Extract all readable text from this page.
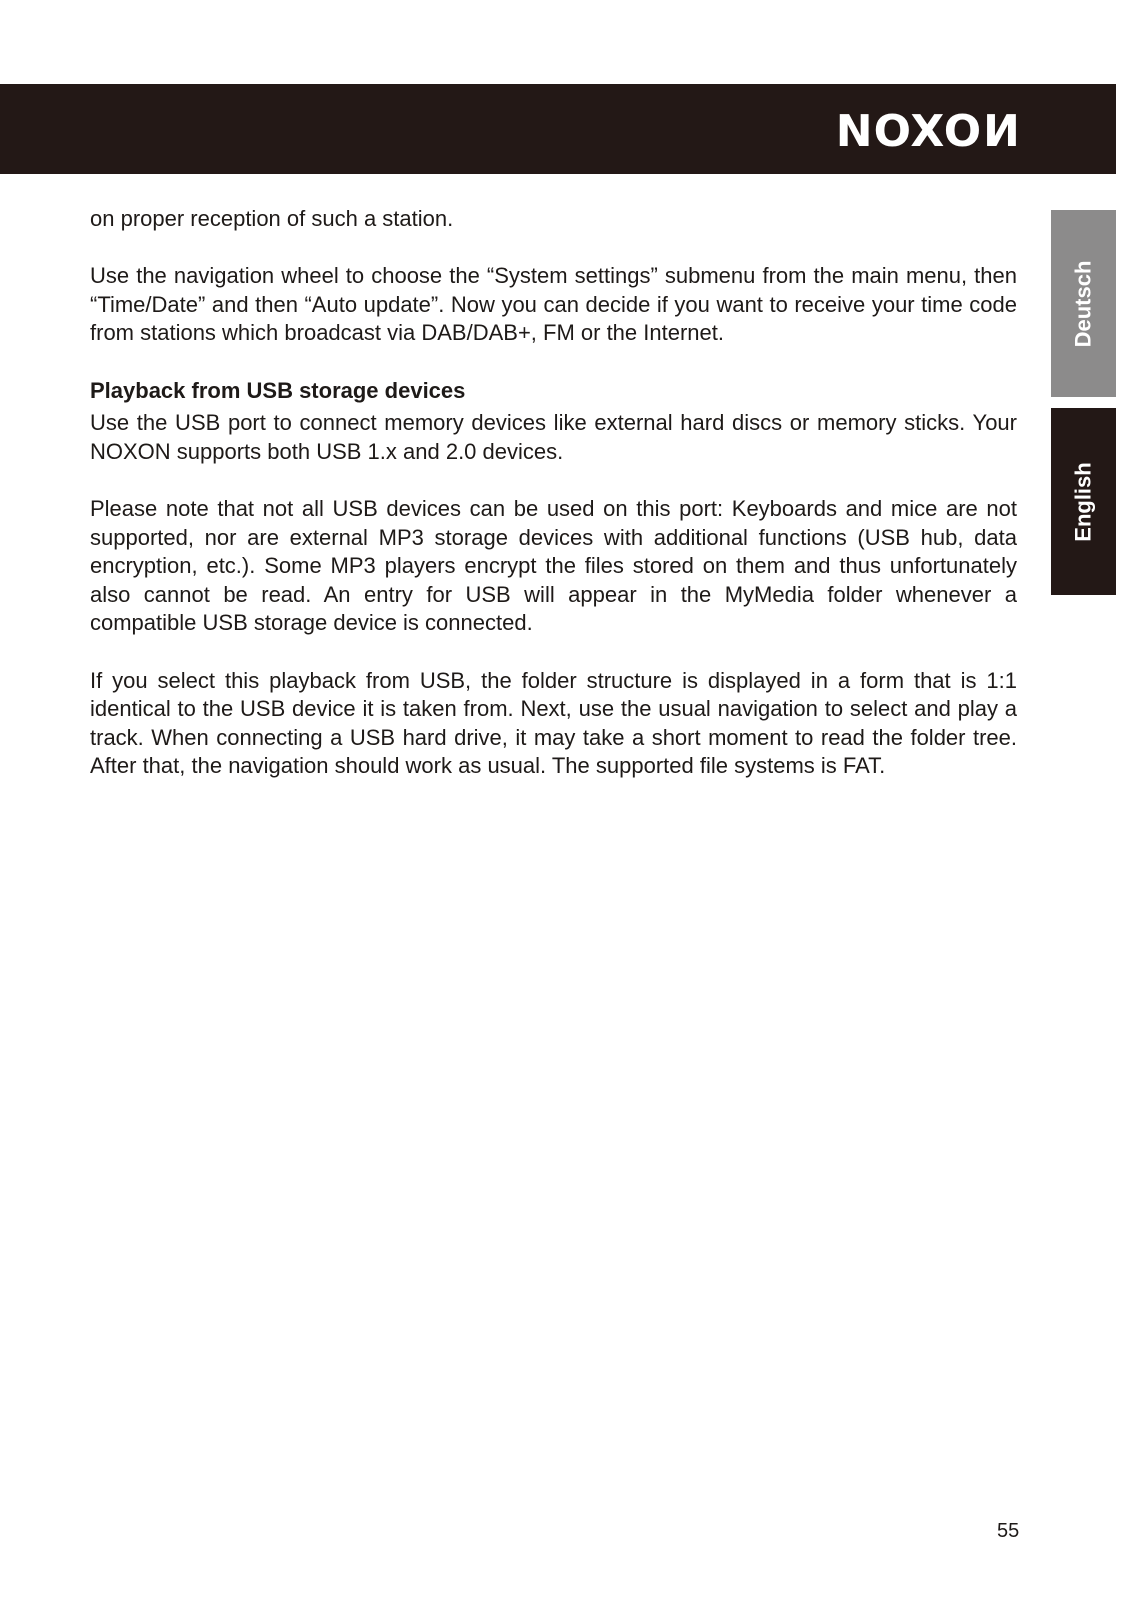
NOXON
Deutsch
English

on proper reception of such a station.

Use the navigation wheel to choose the “System settings” submenu from the main menu, then “Time/Date” and then “Auto update”. Now you can decide if you want to receive your time code from stations which broadcast via DAB/DAB+, FM or the Internet.

Playback from USB storage devices

Use the USB port to connect memory devices like external hard discs or memory sticks. Your NOXON supports both USB 1.x and 2.0 devices.

Please note that not all USB devices can be used on this port: Keyboards and mice are not supported, nor are external MP3 storage devices with additional functions (USB hub, data encryption, etc.). Some MP3 players encrypt the files stored on them and thus unfortunately also cannot be read. An entry for USB will appear in the MyMedia folder whenever a compatible USB storage device is connected.

If you select this playback from USB, the folder structure is displayed in a form that is 1:1 identical to the USB device it is taken from. Next, use the usual navigation to select and play a track. When connecting a USB hard drive, it may take a short moment to read the folder tree. After that, the navigation should work as usual. The supported file systems is FAT.

55
